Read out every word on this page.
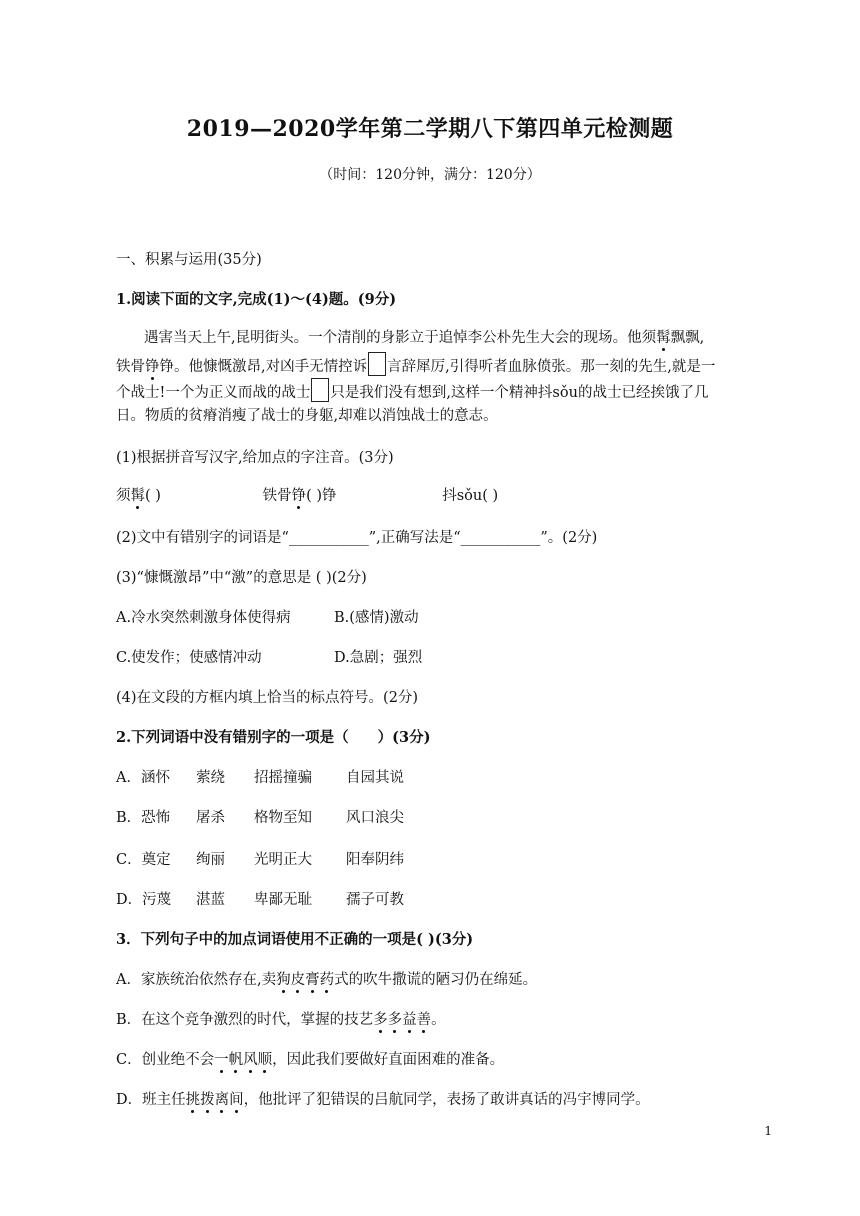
2019—2020学年第二学期八下第四单元检测题
（时间：120分钟，满分：120分）
一、积累与运用(35分)
1.阅读下面的文字,完成(1)～(4)题。(9分)
遇害当天上午,昆明街头。一个清削的身影立于追悼李公朴先生大会的现场。他须髯飘飘,
铁骨铮铮。他慷慨激昂,对凶手无情控诉 言辞犀厉,引得听者血脉偾张。那一刻的先生,就是一
个战士!一个为正义而战的战士 只是我们没有想到,这样一个精神抖sǒu的战士已经挨饿了几
日。物质的贫瘠消瘦了战士的身躯,却难以消蚀战士的意志。
(1)根据拼音写汉字,给加点的字注音。(3分)
须髯( )	铁骨铮( )铮	抖sǒu( )
(2)文中有错别字的词语是“___________”,正确写法是“___________”。(2分)
(3)“慷慨激昂”中“激”的意思是 ( )(2分)
A.冷水突然刺激身体使得病	B.(感情)激动
C.使发作；使感情冲动	D.急剧；强烈
(4)在文段的方框内填上恰当的标点符号。(2分)
2.下列词语中没有错别字的一项是（　　）(3分)
A．涵怀 萦绕 招摇撞骗 自园其说
B．恐怖 屠杀 格物至知 风口浪尖
C．奠定 绚丽 光明正大 阳奉阴纬
D．污蔑 湛蓝 卑鄙无耻 孺子可教
3．下列句子中的加点词语使用不正确的一项是( )(3分)
A．家族统治依然存在,卖狗皮膏药式的吹牛撒谎的陋习仍在绵延。
B．在这个竞争激烈的时代，掌握的技艺多多益善。
C．创业绝不会一帆风顺，因此我们要做好直面困难的准备。
D．班主任挑拨离间，他批评了犯错误的吕航同学，表扬了敢讲真话的冯宇博同学。
1
